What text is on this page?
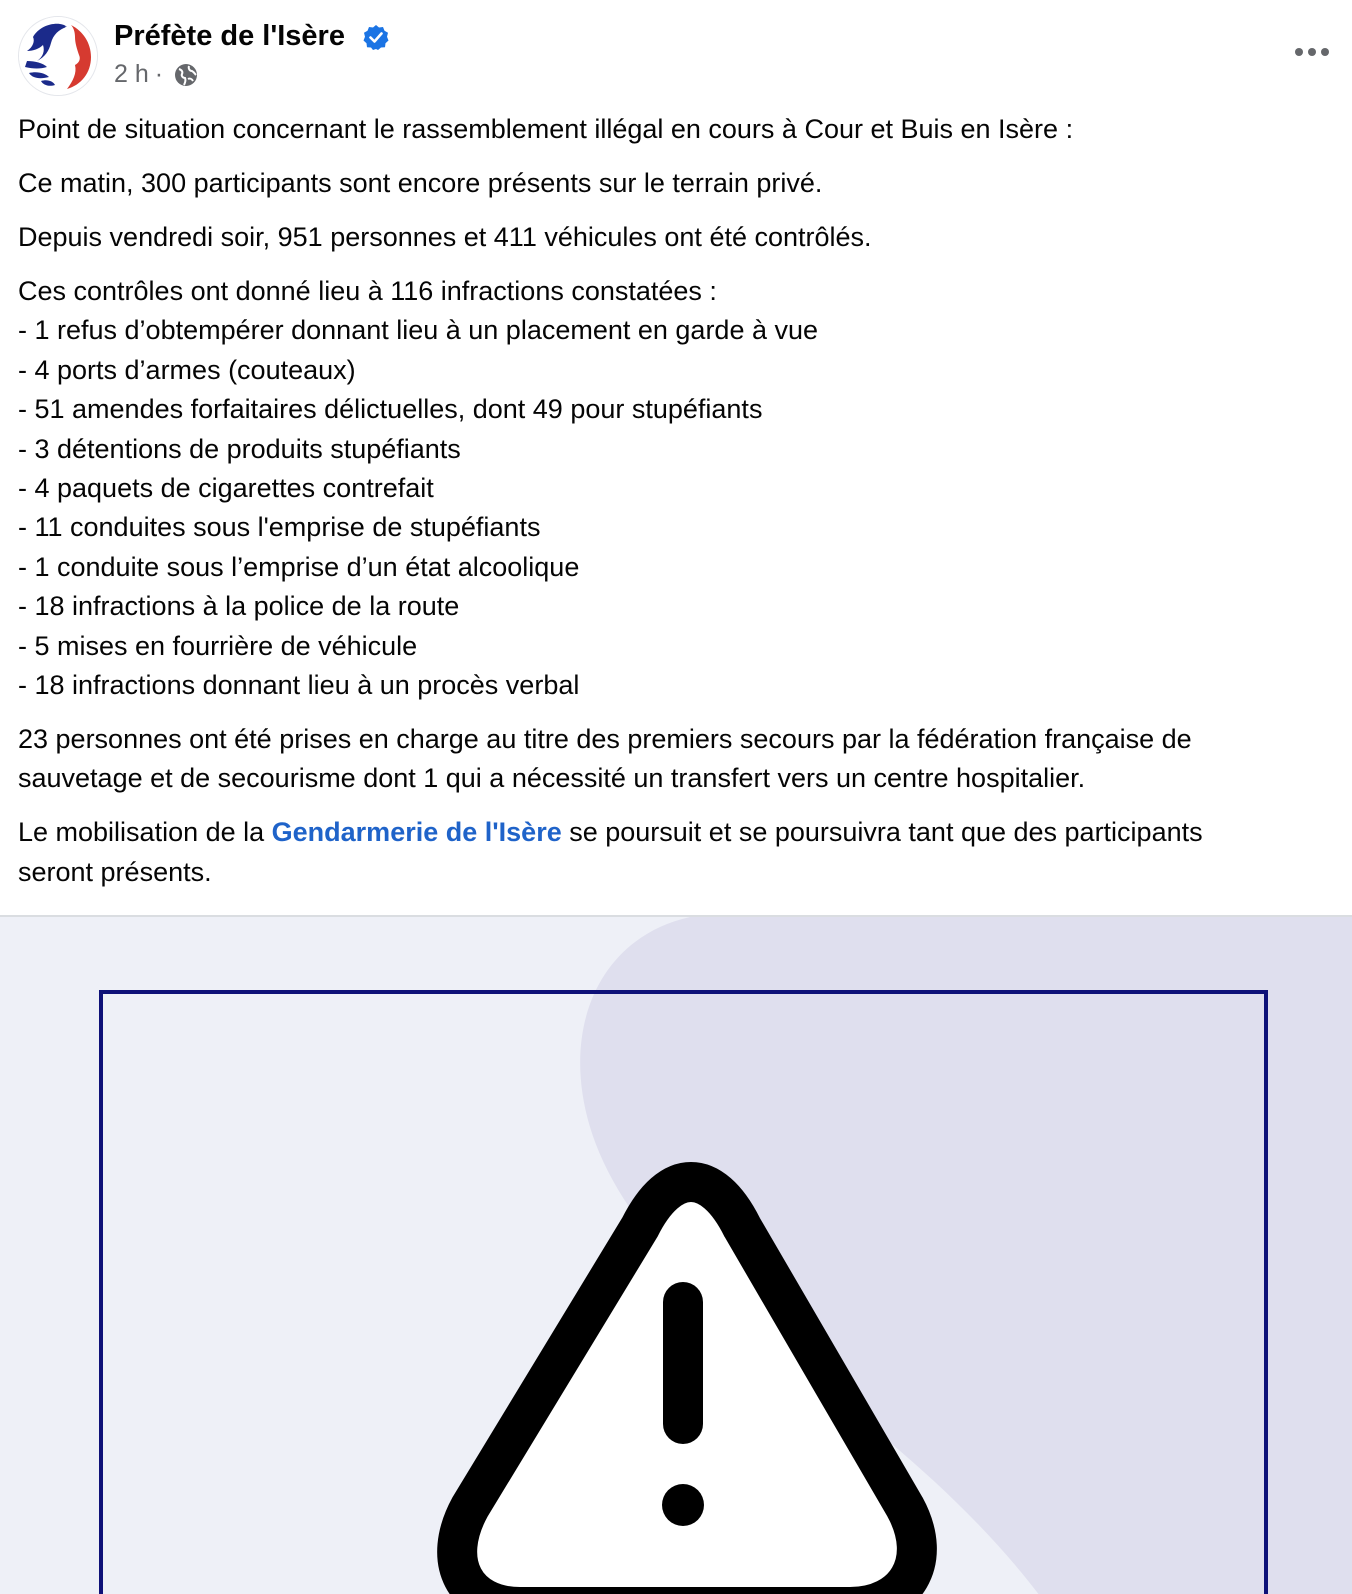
Préfète de l'Isère
2 h ·
Point de situation concernant le rassemblement illégal en cours à Cour et Buis en Isère :
Ce matin, 300 participants sont encore présents sur le terrain privé.
Depuis vendredi soir, 951 personnes et 411 véhicules ont été contrôlés.
Ces contrôles ont donné lieu à 116 infractions constatées :
- 1 refus d’obtempérer donnant lieu à un placement en garde à vue
- 4 ports d’armes (couteaux)
- 51 amendes forfaitaires délictuelles, dont 49 pour stupéfiants
- 3 détentions de produits stupéfiants
- 4 paquets de cigarettes contrefait
- 11 conduites sous l'emprise de stupéfiants
- 1 conduite sous l’emprise d’un état alcoolique
- 18 infractions à la police de la route
- 5 mises en fourrière de véhicule
- 18 infractions donnant lieu à un procès verbal
23 personnes ont été prises en charge au titre des premiers secours par la fédération française de
sauvetage et de secourisme dont 1 qui a nécessité un transfert vers un centre hospitalier.
Le mobilisation de la Gendarmerie de l'Isère se poursuit et se poursuivra tant que des participants
seront présents.
